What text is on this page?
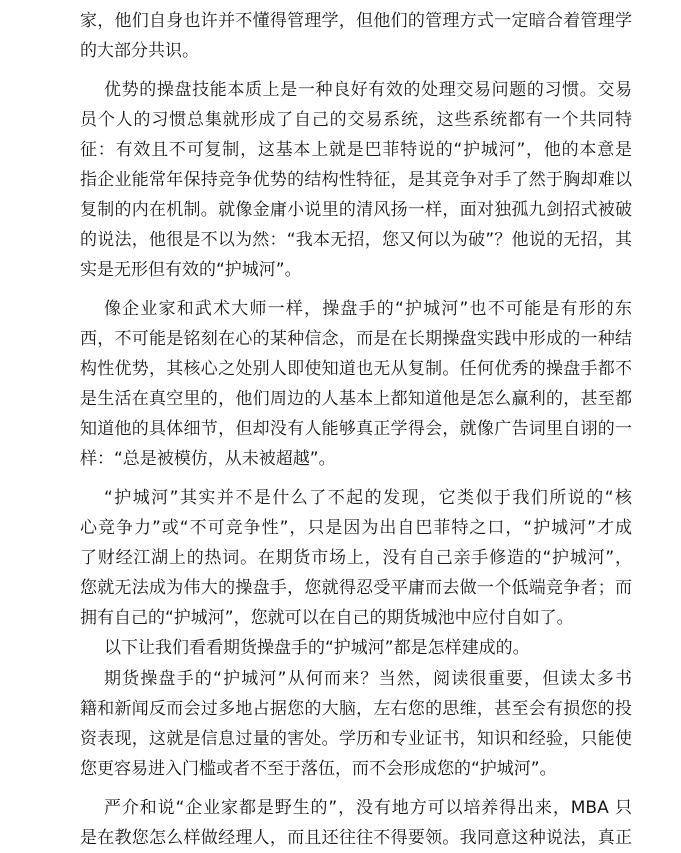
家，他们自身也许并不懂得管理学，但他们的管理方式一定暗合着管理学
的大部分共识。
优势的操盘技能本质上是一种良好有效的处理交易问题的习惯。交易
员个人的习惯总集就形成了自己的交易系统，这些系统都有一个共同特
征：有效且不可复制，这基本上就是巴菲特说的“护城河”，他的本意是
指企业能常年保持竞争优势的结构性特征，是其竞争对手了然于胸却难以
复制的内在机制。就像金庸小说里的清风扬一样，面对独孤九剑招式被破
的说法，他很是不以为然：“我本无招，您又何以为破”？他说的无招，其
实是无形但有效的“护城河”。
像企业家和武术大师一样，操盘手的“护城河”也不可能是有形的东
西，不可能是铭刻在心的某种信念，而是在长期操盘实践中形成的一种结
构性优势，其核心之处别人即使知道也无从复制。任何优秀的操盘手都不
是生活在真空里的，他们周边的人基本上都知道他是怎么赢利的，甚至都
知道他的具体细节，但却没有人能够真正学得会，就像广告词里自诩的一
样：“总是被模仿，从未被超越”。
“护城河”其实并不是什么了不起的发现，它类似于我们所说的“核
心竞争力”或“不可竞争性”，只是因为出自巴菲特之口，“护城河”才成
了财经江湖上的热词。在期货市场上，没有自己亲手修造的“护城河”，
您就无法成为伟大的操盘手，您就得忍受平庸而去做一个低端竞争者；而
拥有自己的“护城河”，您就可以在自己的期货城池中应付自如了。
以下让我们看看期货操盘手的“护城河”都是怎样建成的。
期货操盘手的“护城河”从何而来？当然，阅读很重要，但读太多书
籍和新闻反而会过多地占据您的大脑，左右您的思维，甚至会有损您的投
资表现，这就是信息过量的害处。学历和专业证书，知识和经验，只能使
您更容易进入门槛或者不至于落伍，而不会形成您的“护城河”。
严介和说“企业家都是野生的”，没有地方可以培养得出来，MBA 只
是在教您怎么样做经理人，而且还往往不得要领。我同意这种说法，真正
